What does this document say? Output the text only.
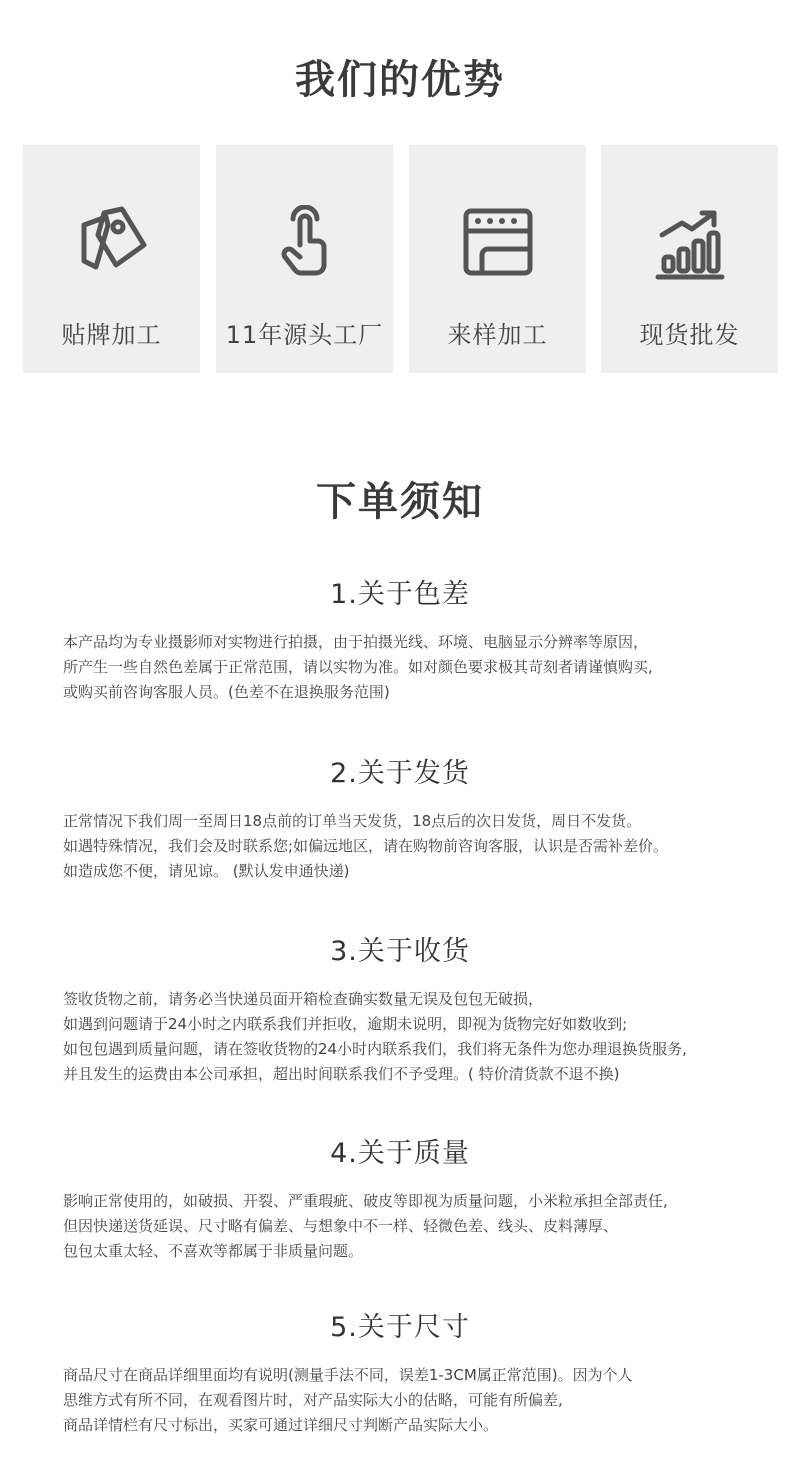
我们的优势
贴牌加工	11年源头工厂	来样加工	现货批发
下单须知
1.关于色差
本产品均为专业摄影师对实物进行拍摄，由于拍摄光线、环境、电脑显示分辨率等原因，
所产生一些自然色差属于正常范围，请以实物为准。如对颜色要求极其苛刻者请谨慎购买,
或购买前咨询客服人员。(色差不在退换服务范围)
2.关于发货
正常情况下我们周一至周日18点前的订单当天发货，18点后的次日发货，周日不发货。
如遇特殊情况，我们会及时联系您;如偏远地区，请在购物前咨询客服，认识是否需补差价。
如造成您不便，请见谅。 (默认发申通快递)
3.关于收货
签收货物之前，请务必当快递员面开箱检查确实数量无误及包包无破损，
如遇到问题请于24小时之内联系我们并拒收，逾期未说明，即视为货物完好如数收到;
如包包遇到质量问题，请在签收货物的24小时内联系我们，我们将无条件为您办理退换货服务,
并且发生的运费由本公司承担，超出时间联系我们不予受理。( 特价清货款不退不换)
4.关于质量
影响正常使用的，如破损、开裂、严重瑕疵、破皮等即视为质量问题，小米粒承担全部责任,
但因快递送货延误、尺寸略有偏差、与想象中不一样、轻微色差、线头、皮料薄厚、
包包太重太轻、不喜欢等都属于非质量问题。
5.关于尺寸
商品尺寸在商品详细里面均有说明(测量手法不同，误差1-3CM属正常范围)。因为个人
思维方式有所不同，在观看图片时，对产品实际大小的估略，可能有所偏差,
商品详情栏有尺寸标出，买家可通过详细尺寸判断产品实际大小。
